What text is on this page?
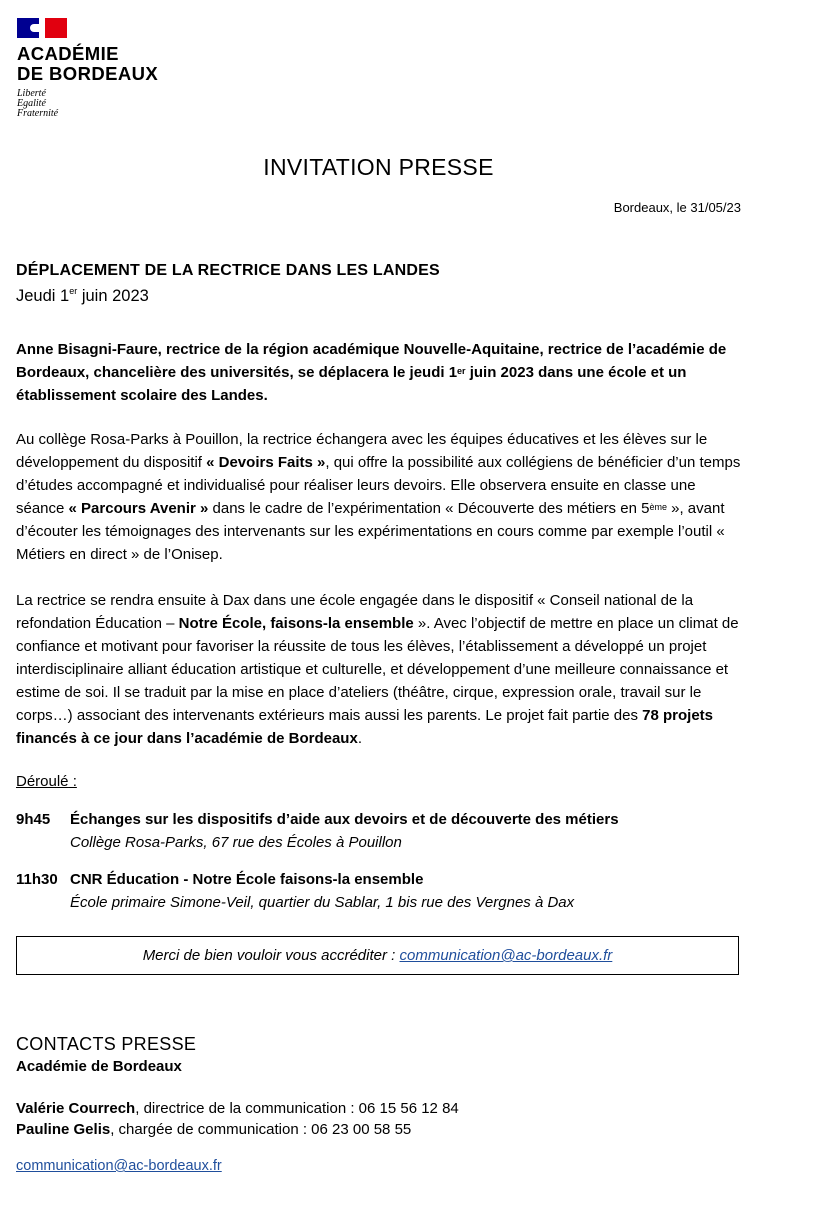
ACADÉMIE
DE BORDEAUX
Liberté
Egalité
Fraternité
INVITATION PRESSE
Bordeaux, le 31/05/23
DÉPLACEMENT DE LA RECTRICE DANS LES LANDES
Jeudi 1er juin 2023
Anne Bisagni-Faure, rectrice de la région académique Nouvelle-Aquitaine, rectrice de l’académie de Bordeaux, chancelière des universités, se déplacera le jeudi 1er juin 2023 dans une école et un établissement scolaire des Landes.
Au collège Rosa-Parks à Pouillon, la rectrice échangera avec les équipes éducatives et les élèves sur le développement du dispositif « Devoirs Faits », qui offre la possibilité aux collégiens de bénéficier d’un temps d’études accompagné et individualisé pour réaliser leurs devoirs. Elle observera ensuite en classe une séance « Parcours Avenir » dans le cadre de l’expérimentation « Découverte des métiers en 5ème », avant d’écouter les témoignages des intervenants sur les expérimentations en cours comme par exemple l’outil « Métiers en direct » de l’Onisep.
La rectrice se rendra ensuite à Dax dans une école engagée dans le dispositif « Conseil national de la refondation Éducation – Notre École, faisons-la ensemble ». Avec l’objectif de mettre en place un climat de confiance et motivant pour favoriser la réussite de tous les élèves, l’établissement a développé un projet interdisciplinaire alliant éducation artistique et culturelle, et développement d’une meilleure connaissance et estime de soi. Il se traduit par la mise en place d’ateliers (théâtre, cirque, expression orale, travail sur le corps…) associant des intervenants extérieurs mais aussi les parents. Le projet fait partie des 78 projets financés à ce jour dans l’académie de Bordeaux.
Déroulé :
9h45	Échanges sur les dispositifs d’aide aux devoirs et de découverte des métiers
Collège Rosa-Parks, 67 rue des Écoles à Pouillon
11h30 CNR Éducation - Notre École faisons-la ensemble
École primaire Simone-Veil, quartier du Sablar, 1 bis rue des Vergnes à Dax
Merci de bien vouloir vous accréditer :
communication@ac-bordeaux.fr
CONTACTS PRESSE
Académie de Bordeaux
Valérie Courrech, directrice de la communication : 06 15 56 12 84
Pauline Gelis, chargée de communication : 06 23 00 58 55
communication@ac-bordeaux.fr
